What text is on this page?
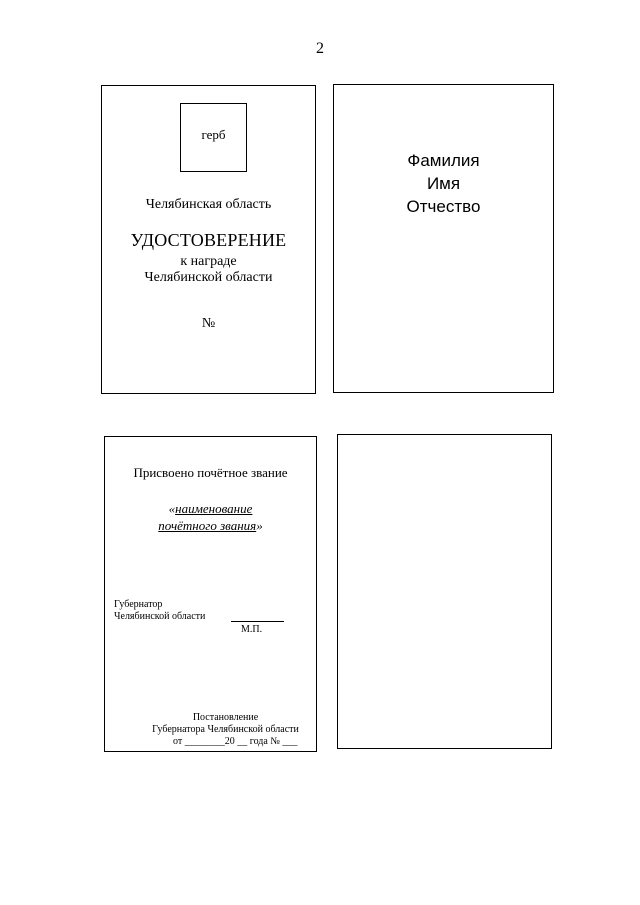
2
герб
Челябинская область
УДОСТОВЕРЕНИЕ
к награде
Челябинской области
№
Фамилия
Имя
Отчество
Присвоено почётное звание
«наименование
почётного звания»
Губернатор
Челябинской области
М.П.
Постановление
Губернатора Челябинской области
от ________20 __ года № ___
